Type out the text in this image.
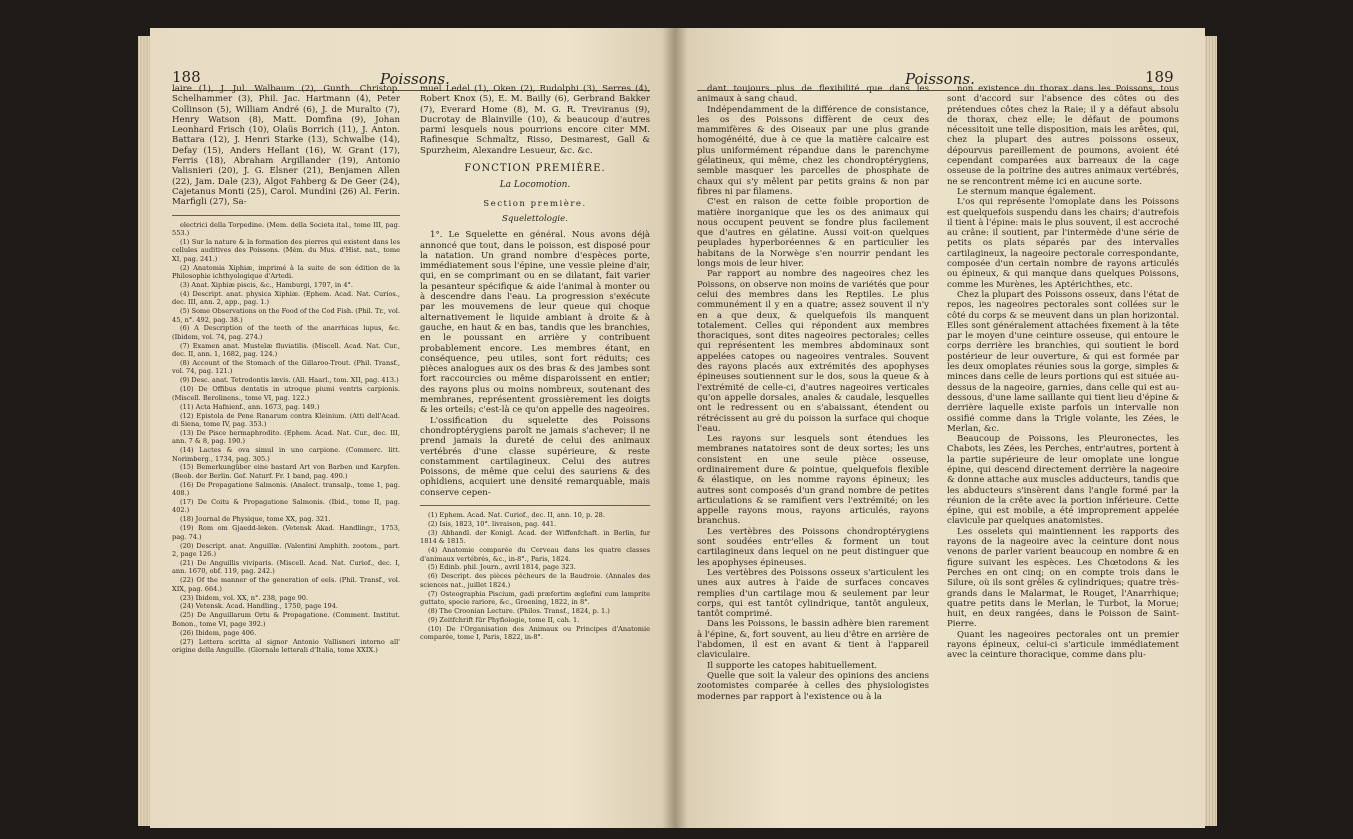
188	Poissons.

laire (1), J. Jul. Walbaum (2), Gunth. Christop. Schelhammer (3), Phil. Jac. Hartmann (4), Peter Collinson (5), William André (6), J. de Muralto (7), Henry Watson (8), Matt. Domfina (9), Johan Leonhard Frisch (10), Olaüs Borrich (11), J. Anton. Battara (12), J. Henri Starke (13), Schwalbe (14), Defay (15), Anders Hellant (16), W. Grant (17), Ferris (18), Abraham Argillander (19), Antonio Valisnieri (20), J. G. Elsner (21), Benjamen Allen (22), Jam. Dale (23), Algot Fahberg & De Geer (24), Cajetanus Monti (25), Carol. Mundini (26) Al. Ferin. Marfigli (27), Sa-

electrici della Torpedine. (Mem. della Societa ital., tome III, pag. 553.)

(1) Sur la nature & la formation des pierres qui existent dans les cellules auditives des Poissons. (Mém. du Mus. d'Hist. nat., tome XI, pag. 241.)

(2) Anatomia Xiphiæ, imprimé à la suite de son édition de la Philosophie ichthyologique d'Artedi.

(3) Anat. Xiphiæ piscis, &c., Hamburgi, 1707, in 4°.

(4) Descript. anat. physica Xiphiæ. (Ephem. Acad. Nat. Curios., dec. III, ann. 2, app., pag. 1.)

(5) Some Observations on the Food of the Cod Fish. (Phil. Tr., vol. 45, n°. 492, pag. 38.)

(6) A Description of the teeth of the anarrhicas lupus, &c. (Ibidem, vol. 74, pag. 274.)

(7) Examen anat. Mustelæ fluviatilis. (Miscell. Acad. Nat. Cur., dec. II, ann. 1, 1682, pag. 124.)

(8) Account of the Stomach of the Gillaroo-Trout. (Phil. Transf., vol. 74, pag. 121.)

(9) Desc. anat. Tetrodontis lævis. (All. Haarl., tom. XII, pag. 413.)

(10) De Offibus dentatis in utroque piumi ventris carpionis. (Miscell. Berolinens., tome VI, pag. 122.)

(11) Acta Hafnienf., ann. 1673, pag. 149.)

(12) Epistola de Pene Ranarum contra Kleinium. (Atti dell'Acad. di Siena, tome IV, pag. 353.)

(13) De Pisce hermaphrodito. (Ephem. Acad. Nat. Cur., dec. III, ann. 7 & 8, pag. 190.)

(14) Lactes & ova simul in uno carpione. (Commerc. litt. Norimberg., 1734, pag. 305.)

(15) Bemerkungüber eine bastard Art von Barben und Karpfen. (Beob. der Berlin. Gef. Naturf. Fr. 1 band, pag. 490.)

(16) De Propagatione Salmonis. (Analect. transalp., tome 1, pag. 408.)

(17) De Coitu & Propagatione Salmonis. (Ibid., tome II, pag. 402.)

(18) Journal de Physique, tome XX, pag. 321.

(19) Rom om Gjaedd-leken. (Vetensk Akad. Handlingr., 1753, pag. 74.)

(20) Descript. anat. Anguillæ. (Valentini Amphith. zootom., part. 2, page 126.)

(21) De Anguillis viviparis. (Miscell. Acad. Nat. Curiof., dec. I, ann. 1670, obf. 119, pag. 242.)

(22) Of the manner of the generation of eels. (Phil. Transf., vol. XIX, pag. 664.)

(23) Ibidem, vol. XX, n°. 238, page 90.

(24) Vetensk. Acad. Handling., 1750, page 194.

(25) De Anguillarum Ortu & Propagatione. (Comment. Institut. Bonon., tome VI, page 392.)

(26) Ibidem, page 406.

(27) Lettera scritta al signor Antonio Vallisneri intorno all' origine della Anguille. (Giornale letterali d'Italia, tome XXIX.)

muel Ledel (1), Oken (2), Rudolphi (3), Serres (4), Robert Knox (5), E. M. Bailly (6), Gerbrand Bakker (7), Everard Home (8), M. G. R. Treviranus (9), Ducrotay de Blainville (10), & beaucoup d'autres parmi lesquels nous pourrions encore citer MM. Rafinesque Schmaltz, Risso, Desmarest, Gall & Spurzheim, Alexandre Lesueur, &c. &c.

FONCTION PREMIÈRE.
La Locomotion.
Section première.
Squelettologie.

1°. Le Squelette en général. Nous avons déjà annoncé que tout, dans le poisson, est disposé pour la natation. Un grand nombre d'espèces porte, immédiatement sous l'épine, une vessie pleine d'air, qui, en se comprimant ou en se dilatant, fait varier la pesanteur spécifique & aide l'animal à monter ou à descendre dans l'eau. La progression s'exécute par les mouvemens de leur queue qui choque alternativement le liquide ambiant à droite & à gauche, en haut & en bas, tandis que les branchies, en le poussant en arrière y contribuent probablement encore. Les membres étant, en conséquence, peu utiles, sont fort réduits; ces pièces analogues aux os des bras & des jambes sont fort raccourcies ou même disparoissent en entier; des rayons plus ou moins nombreux, soutenant des membranes, représentent grossièrement les doigts & les orteils; c'est-là ce qu'on appelle des nageoires.

L'ossification du squelette des Poissons chondroptérygiens paroît ne jamais s'achever; il ne prend jamais la dureté de celui des animaux vertébrés d'une classe supérieure, & reste constamment cartilagineux. Celui des autres Poissons, de même que celui des sauriens & des ophidiens, acquiert une densité remarquable, mais conserve cepen-

(1) Ephem. Acad. Nat. Curiof., dec. II, ann. 10, p. 28.

(2) Isis, 1823, 10°. livraison, pag. 441.

(3) Abhandl. der Konigl. Acad. der Wiffenfchaft. in Berlin, fur 1814 & 1815.

(4) Anatomie comparée du Cerveau dans les quatre classes d'animaux vertébrés, &c., in-8°., Paris, 1824.

(5) Edinb. phil. Journ., avril 1814, page 323.

(6) Descript. des pièces pêcheurs de la Baudroie. (Annales des sciences nat., juillet 1824.)

(7) Osteographia Piscium, gadi præfertim æglefini cum lamprite guttato, specie rariore, &c., Groening, 1822, in 8°.

(8) The Croonian Lecture. (Philos. Transf., 1824, p. 1.)

(9) Zeitfchrift für Phyfiologie, tome II, cah. 1.

(10) De l'Organisation des Animaux ou Principes d'Anatomie comparée, tome I, Paris, 1822, in-8°.

Poissons.	189

dant toujours plus de flexibilité que dans les animaux à sang chaud.

Indépendamment de la différence de consistance, les os des Poissons diffèrent de ceux des mammifères & des Oiseaux par une plus grande homogénéité, due à ce que la matière calcaire est plus uniformément répandue dans le parenchyme gélatineux, qui même, chez les chondroptérygiens, semble masquer les parcelles de phosphate de chaux qui s'y mêlent par petits grains & non par fibres ni par filamens.

C'est en raison de cette foible proportion de matière inorganique que les os des animaux qui nous occupent peuvent se fondre plus facilement que d'autres en gélatine. Aussi voit-on quelques peuplades hyperboréennes & en particulier les habitans de la Norwège s'en nourrir pendant les longs mois de leur hiver.

Par rapport au nombre des nageoires chez les Poissons, on observe non moins de variétés que pour celui des membres dans les Reptiles. Le plus communément il y en a quatre; assez souvent il n'y en a que deux, & quelquefois ils manquent totalement. Celles qui répondent aux membres thoraciques, sont dites nageoires pectorales; celles qui représentent les membres abdominaux sont appelées catopes ou nageoires ventrales. Souvent des rayons placés aux extrémités des apophyses épineuses soutiennent sur le dos, sous la queue & à l'extrémité de celle-ci, d'autres nageoires verticales qu'on appelle dorsales, anales & caudale, lesquelles ont le redressent ou en s'abaissant, étendent ou rétrécissent au gré du poisson la surface qui choque l'eau.

Les rayons sur lesquels sont étendues les membranes natatoires sont de deux sortes; les uns consistent en une seule pièce osseuse, ordinairement dure & pointue, quelquefois flexible & élastique, on les nomme rayons épineux; les autres sont composés d'un grand nombre de petites articulations & se ramifient vers l'extrémité; on les appelle rayons mous, rayons articulés, rayons branchus.

Les vertèbres des Poissons chondroptérygiens sont soudées entr'elles & forment un tout cartilagineux dans lequel on ne peut distinguer que les apophyses épineuses.

Les vertèbres des Poissons osseux s'articulent les unes aux autres à l'aide de surfaces concaves remplies d'un cartilage mou & seulement par leur corps, qui est tantôt cylindrique, tantôt anguleux, tantôt comprimé.

Dans les Poissons, le bassin adhère bien rarement à l'épine, &, fort souvent, au lieu d'être en arrière de l'abdomen, il est en avant & tient à l'appareil claviculaire.

Il supporte les catopes habituellement.

Quelle que soit la valeur des opinions des anciens zootomistes comparée à celles des physiologistes modernes par rapport à l'existence ou à la

non existence du thorax dans les Poissons, tous sont d'accord sur l'absence des côtes ou des prétendues côtes chez la Raie; il y a défaut absolu de thorax, chez elle; le défaut de poumons nécessitoit une telle disposition, mais les arêtes, qui, chez la plupart des autres poissons osseux, dépourvus pareillement de poumons, avoient été cependant comparées aux barreaux de la cage osseuse de la poitrine des autres animaux vertébrés, ne se rencontrent même ici en aucune sorte.

Le sternum manque également.

L'os qui représente l'omoplate dans les Poissons est quelquefois suspendu dans les chairs; d'autrefois il tient à l'épine: mais le plus souvent, il est accroché au crâne: il soutient, par l'intermède d'une série de petits os plats séparés par des intervalles cartilagineux, la nageoire pectorale correspondante, composée d'un certain nombre de rayons articulés ou épineux, & qui manque dans quelques Poissons, comme les Murènes, les Aptérichthes, etc.

Chez la plupart des Poissons osseux, dans l'état de repos, les nageoires pectorales sont collées sur le côté du corps & se meuvent dans un plan horizontal. Elles sont généralement attachées fixement à la tête par le moyen d'une ceinture osseuse, qui entoure le corps derrière les branchies, qui soutient le bord postérieur de leur ouverture, & qui est formée par les deux omoplates réunies sous la gorge, simples & minces dans celle de leurs portions qui est située au-dessus de la nageoire, garnies, dans celle qui est au-dessous, d'une lame saillante qui tient lieu d'épine & derrière laquelle existe parfois un intervalle non ossifié comme dans la Trigle volante, les Zées, le Merlan, &c.

Beaucoup de Poissons, les Pleuronectes, les Chabots, les Zées, les Perches, entr'autres, portent à la partie supérieure de leur omoplate une longue épine, qui descend directement derrière la nageoire & donne attache aux muscles adducteurs, tandis que les abducteurs s'insèrent dans l'angle formé par la réunion de la crête avec la portion inférieure. Cette épine, qui est mobile, a été improprement appelée clavicule par quelques anatomistes.

Les osselets qui maintiennent les rapports des rayons de la nageoire avec la ceinture dont nous venons de parler varient beaucoup en nombre & en figure suivant les espèces. Les Chœtodons & les Perches en ont cinq; on en compte trois dans le Silure, où ils sont grêles & cylindriques; quatre très-grands dans le Malarmat, le Rouget, l'Anarrhique; quatre petits dans le Merlan, le Turbot, la Morue; huit, en deux rangées, dans le Poisson de Saint-Pierre.

Quant les nageoires pectorales ont un premier rayons épineux, celui-ci s'articule immédiatement avec la ceinture thoracique, comme dans plu-
